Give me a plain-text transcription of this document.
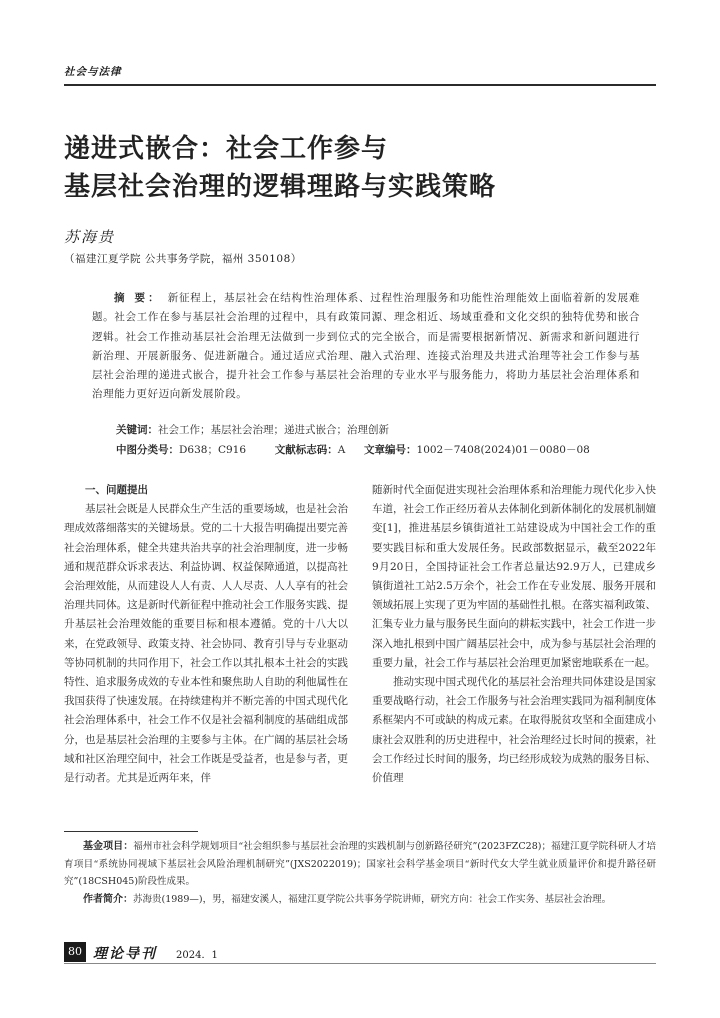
社会与法律
递进式嵌合：社会工作参与
基层社会治理的逻辑理路与实践策略
苏海贵
（福建江夏学院 公共事务学院，福州 350108）
摘 要： 新征程上，基层社会在结构性治理体系、过程性治理服务和功能性治理能效上面临着新的发展难题。社会工作在参与基层社会治理的过程中，具有政策同源、理念相近、场域重叠和文化交织的独特优势和嵌合逻辑。社会工作推动基层社会治理无法做到一步到位式的完全嵌合，而是需要根据新情况、新需求和新问题进行新治理、开展新服务、促进新融合。通过适应式治理、融入式治理、连接式治理及共进式治理等社会工作参与基层社会治理的递进式嵌合，提升社会工作参与基层社会治理的专业水平与服务能力，将助力基层社会治理体系和治理能力更好迈向新发展阶段。
关键词：社会工作；基层社会治理；递进式嵌合；治理创新
中图分类号：D638；C916	文献标志码：A 文章编号：1002－7408(2024)01－0080－08

一、问题提出

基层社会既是人民群众生产生活的重要场域，也是社会治理成效落细落实的关键场景。党的二十大报告明确提出要完善社会治理体系，健全共建共治共享的社会治理制度，进一步畅通和规范群众诉求表达、利益协调、权益保障通道，以提高社会治理效能，从而建设人人有责、人人尽责、人人享有的社会治理共同体。这是新时代新征程中推动社会工作服务实践、提升基层社会治理效能的重要目标和根本遵循。党的十八大以来，在党政领导、政策支持、社会协同、教育引导与专业驱动等协同机制的共同作用下，社会工作以其扎根本土社会的实践特性、追求服务成效的专业本性和聚焦助人自助的利他属性在我国获得了快速发展。在持续建构并不断完善的中国式现代化社会治理体系中，社会工作不仅是社会福利制度的基础组成部分，也是基层社会治理的主要参与主体。在广阔的基层社会场域和社区治理空间中，社会工作既是受益者，也是参与者，更是行动者。尤其是近两年来，伴

随新时代全面促进实现社会治理体系和治理能力现代化步入快车道，社会工作正经历着从去体制化到新体制化的发展机制嬗变[1]，推进基层乡镇街道社工站建设成为中国社会工作的重要实践目标和重大发展任务。民政部数据显示，截至2022年9月20日，全国持证社会工作者总量达92.9万人，已建成乡镇街道社工站2.5万余个，社会工作在专业发展、服务开展和领域拓展上实现了更为牢固的基础性扎根。在落实福利政策、汇集专业力量与服务民生面向的耕耘实践中，社会工作进一步深入地扎根到中国广阔基层社会中，成为参与基层社会治理的重要力量，社会工作与基层社会治理更加紧密地联系在一起。

推动实现中国式现代化的基层社会治理共同体建设是国家重要战略行动，社会工作服务与社会治理实践同为福利制度体系框架内不可或缺的构成元素。在取得脱贫攻坚和全面建成小康社会双胜利的历史进程中，社会治理经过长时间的摸索，社会工作经过长时间的服务，均已经形成较为成熟的服务目标、价值理

基金项目：福州市社会科学规划项目“社会组织参与基层社会治理的实践机制与创新路径研究”(2023FZC28)；福建江夏学院科研人才培育项目“系统协同视域下基层社会风险治理机制研究”(JXS2022019)；国家社会科学基金项目“新时代女大学生就业质量评价和提升路径研究”(18CSH045)阶段性成果。

作者简介：苏海贵(1989—)，男，福建安溪人，福建江夏学院公共事务学院讲师，研究方向：社会工作实务、基层社会治理。

80 理论导刊 2024．1
